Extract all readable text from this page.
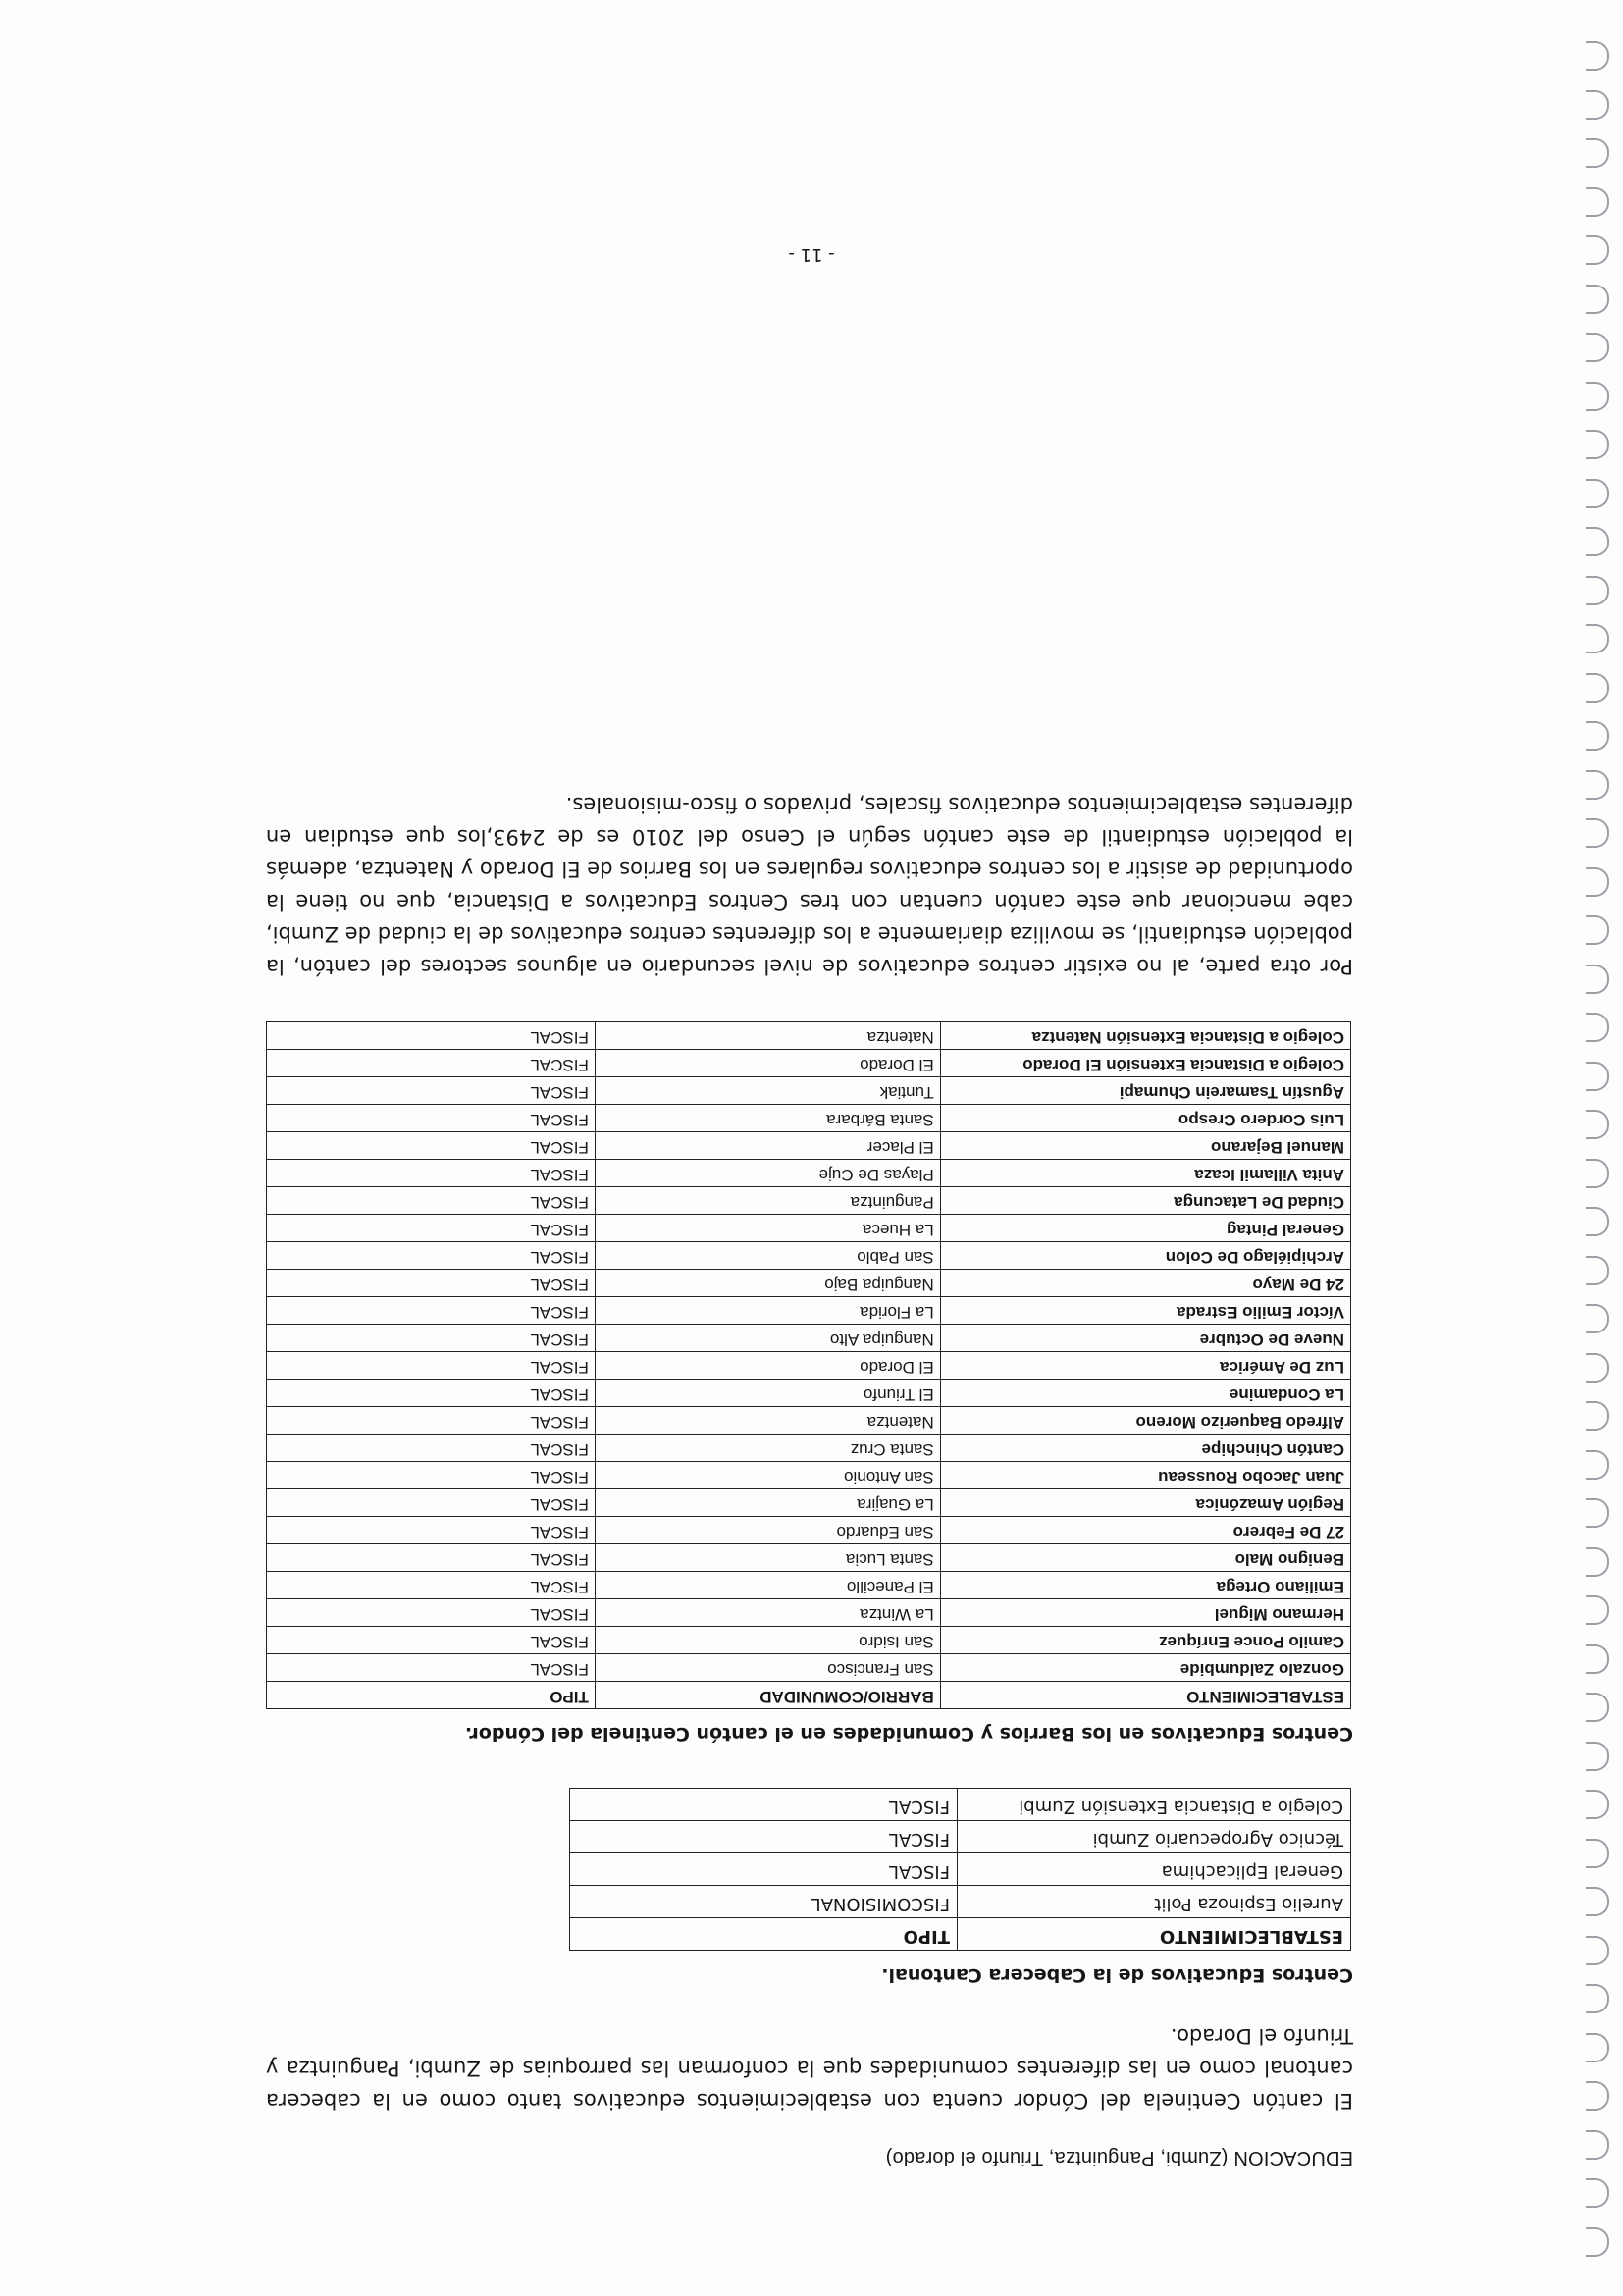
EDUCACION (Zumbi, Panguintza, Triunfo el dorado)

El cantón Centinela del Cóndor cuenta con establecimientos educativos tanto como en la cabecera cantonal como en las diferentes comunidades que la conforman las parroquias de Zumbi, Panguintza y Triunfo el Dorado.

Centros Educativos de la Cabecera Cantonal.
ESTABLECIMIENTO	TIPO
Aurelio Espinoza Polit	FISCOMISIONAL
General Eplicachima	FISCAL
Técnico Agropecuario Zumbi	FISCAL
Colegio a Distancia Extensión Zumbi	FISCAL
Centros Educativos en los Barrios y Comunidades en el cantón Centinela del Cóndor.
ESTABLECIMIENTO	BARRIO/COMUNIDAD	TIPO
Gonzalo Zaldumbide	San Francisco	FISCAL
Camilo Ponce Enríquez	San Isidro	FISCAL
Hermano Miguel	La Wintza	FISCAL
Emiliano Ortega	El Panecillo	FISCAL
Benigno Malo	Santa Lucia	FISCAL
27 De Febrero	San Eduardo	FISCAL
Región Amazónica	La Guajira	FISCAL
Juan Jacobo Rousseau	San Antonio	FISCAL
Cantón Chinchipe	Santa Cruz	FISCAL
Alfredo Baquerizo Moreno	Natentza	FISCAL
La Condamine	El Triunfo	FISCAL
Luz De América	El Dorado	FISCAL
Nueve De Octubre	Nanguipa Alto	FISCAL
Víctor Emilio Estrada	La Florida	FISCAL
24 De Mayo	Nanguipa Bajo	FISCAL
Archipiélago De Colon	San Pablo	FISCAL
General Pintag	La Hueca	FISCAL
Ciudad De Latacunga	Panguintza	FISCAL
Anita Villamil Icaza	Playas De Cuje	FISCAL
Manuel Bejarano	El Placer	FISCAL
Luis Cordero Crespo	Santa Bárbara	FISCAL
Agustín Tsamarein Chumapi	Tuntiak	FISCAL
Colegio a Distancia Extensión El Dorado	El Dorado	FISCAL
Colegio a Distancia Extensión Natentza	Natentza	FISCAL

Por otra parte, al no existir centros educativos de nivel secundario en algunos sectores del cantón, la población estudiantil, se moviliza diariamente a los diferentes centros educativos de la ciudad de Zumbi, cabe mencionar que este cantón cuentan con tres Centros Educativos a Distancia, que no tiene la oportunidad de asistir a los centros educativos regulares en los Barrios de El Dorado y Natentza, además la población estudiantil de este cantón según el Censo del 2010 es de 2493,los que estudian en diferentes establecimientos educativos fiscales, privados o fisco-misionales.

- 11 -
